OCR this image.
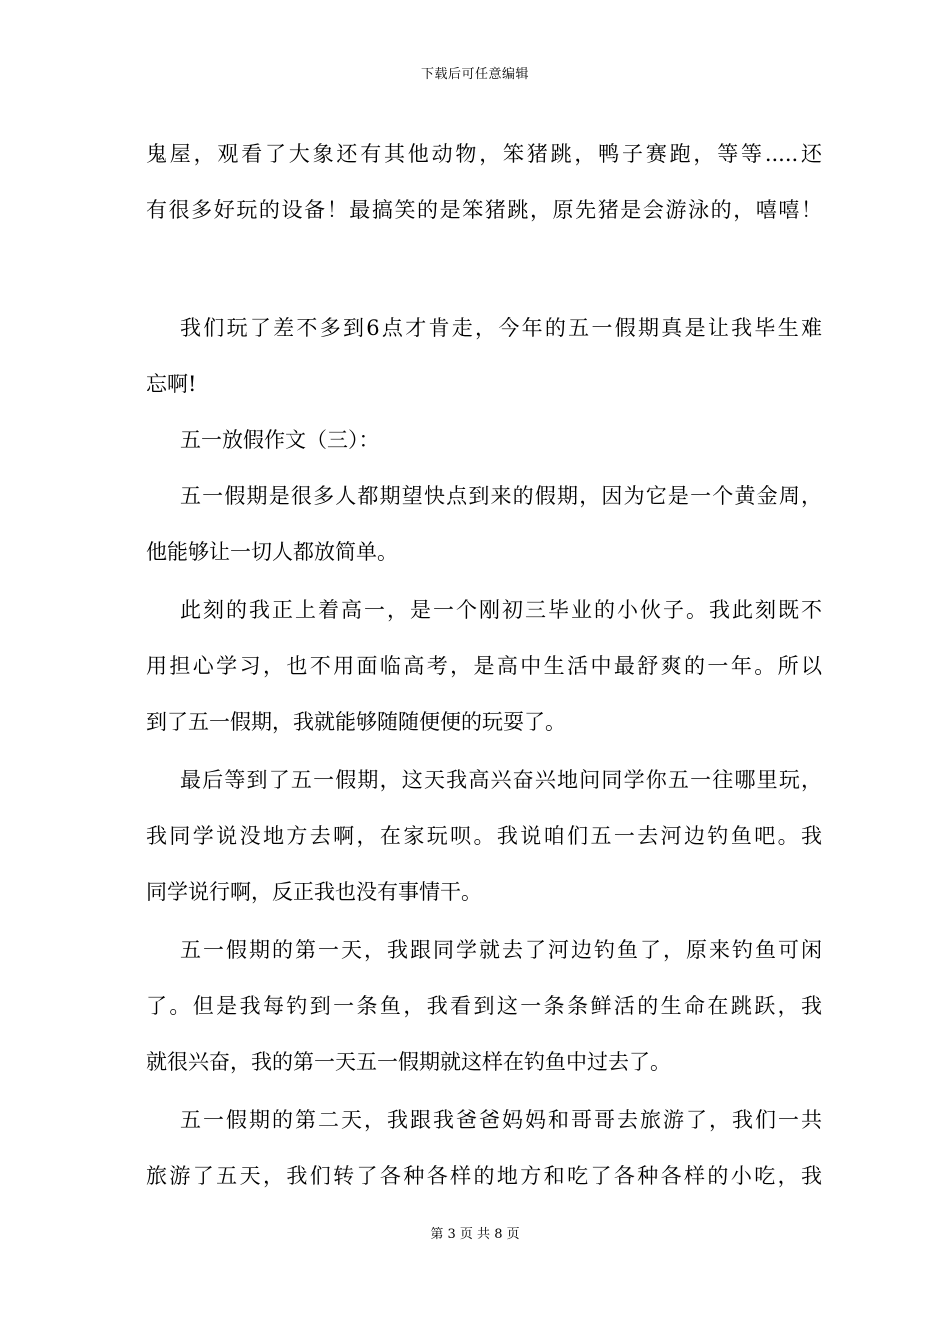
下载后可任意编辑
鬼屋，观看了大象还有其他动物，笨猪跳，鸭子赛跑，等等.....还
有很多好玩的设备！最搞笑的是笨猪跳，原先猪是会游泳的，嘻嘻！
我们玩了差不多到6点才肯走，今年的五一假期真是让我毕生难
忘啊!
五一放假作文（三）：
五一假期是很多人都期望快点到来的假期，因为它是一个黄金周，
他能够让一切人都放简单。
此刻的我正上着高一，是一个刚初三毕业的小伙子。我此刻既不
用担心学习，也不用面临高考，是高中生活中最舒爽的一年。所以
到了五一假期，我就能够随随便便的玩耍了。
最后等到了五一假期，这天我高兴奋兴地问同学你五一往哪里玩，
我同学说没地方去啊，在家玩呗。我说咱们五一去河边钓鱼吧。我
同学说行啊，反正我也没有事情干。
五一假期的第一天，我跟同学就去了河边钓鱼了，原来钓鱼可闲
了。但是我每钓到一条鱼，我看到这一条条鲜活的生命在跳跃，我
就很兴奋，我的第一天五一假期就这样在钓鱼中过去了。
五一假期的第二天，我跟我爸爸妈妈和哥哥去旅游了，我们一共
旅游了五天，我们转了各种各样的地方和吃了各种各样的小吃，我
第 3 页 共 8 页
